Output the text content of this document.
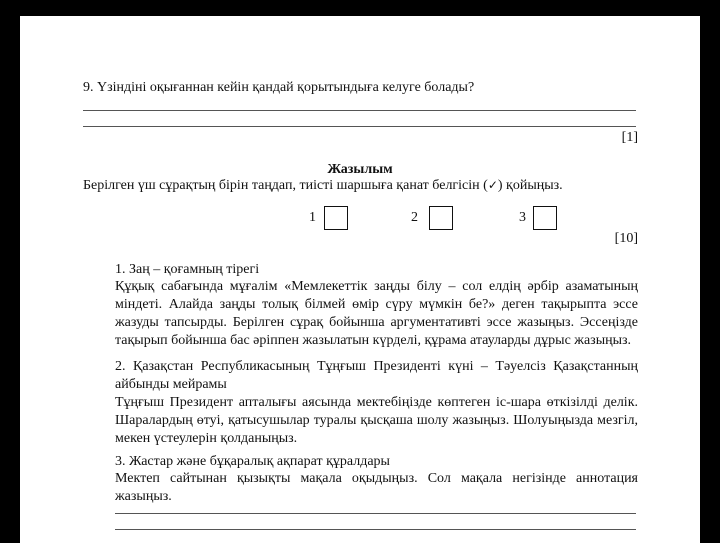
9. Үзіндіні оқығаннан кейін қандай қорытындыға келуге болады?

[1]

Жазылым

Берілген үш сұрақтың бірін таңдап, тиісті шаршыға қанат белгісін (✓) қойыңыз.

1	2	3

[10]

1. Заң – қоғамның тірегі

Құқық сабағында мұғалім «Мемлекеттік заңды білу – сол елдің әрбір азаматының міндеті. Алайда заңды толық білмей өмір сүру мүмкін бе?» деген тақырыпта эссе жазуды тапсырды. Берілген сұрақ бойынша аргументативті эссе жазыңыз. Эссеңізде тақырып бойынша бас әріппен жазылатын күрделі, құрама атауларды дұрыс жазыңыз.

2. Қазақстан Республикасының Тұңғыш Президенті күні – Тәуелсіз Қазақстанның айбынды мейрамы

Тұңғыш Президент апталығы аясында мектебіңізде көптеген іс-шара өткізілді делік. Шаралардың өтуі, қатысушылар туралы қысқаша шолу жазыңыз. Шолуыңызда мезгіл, мекен үстеулерін қолданыңыз.

3. Жастар және бұқаралық ақпарат құралдары

Мектеп сайтынан қызықты мақала оқыдыңыз. Сол мақала негізінде аннотация жазыңыз.
